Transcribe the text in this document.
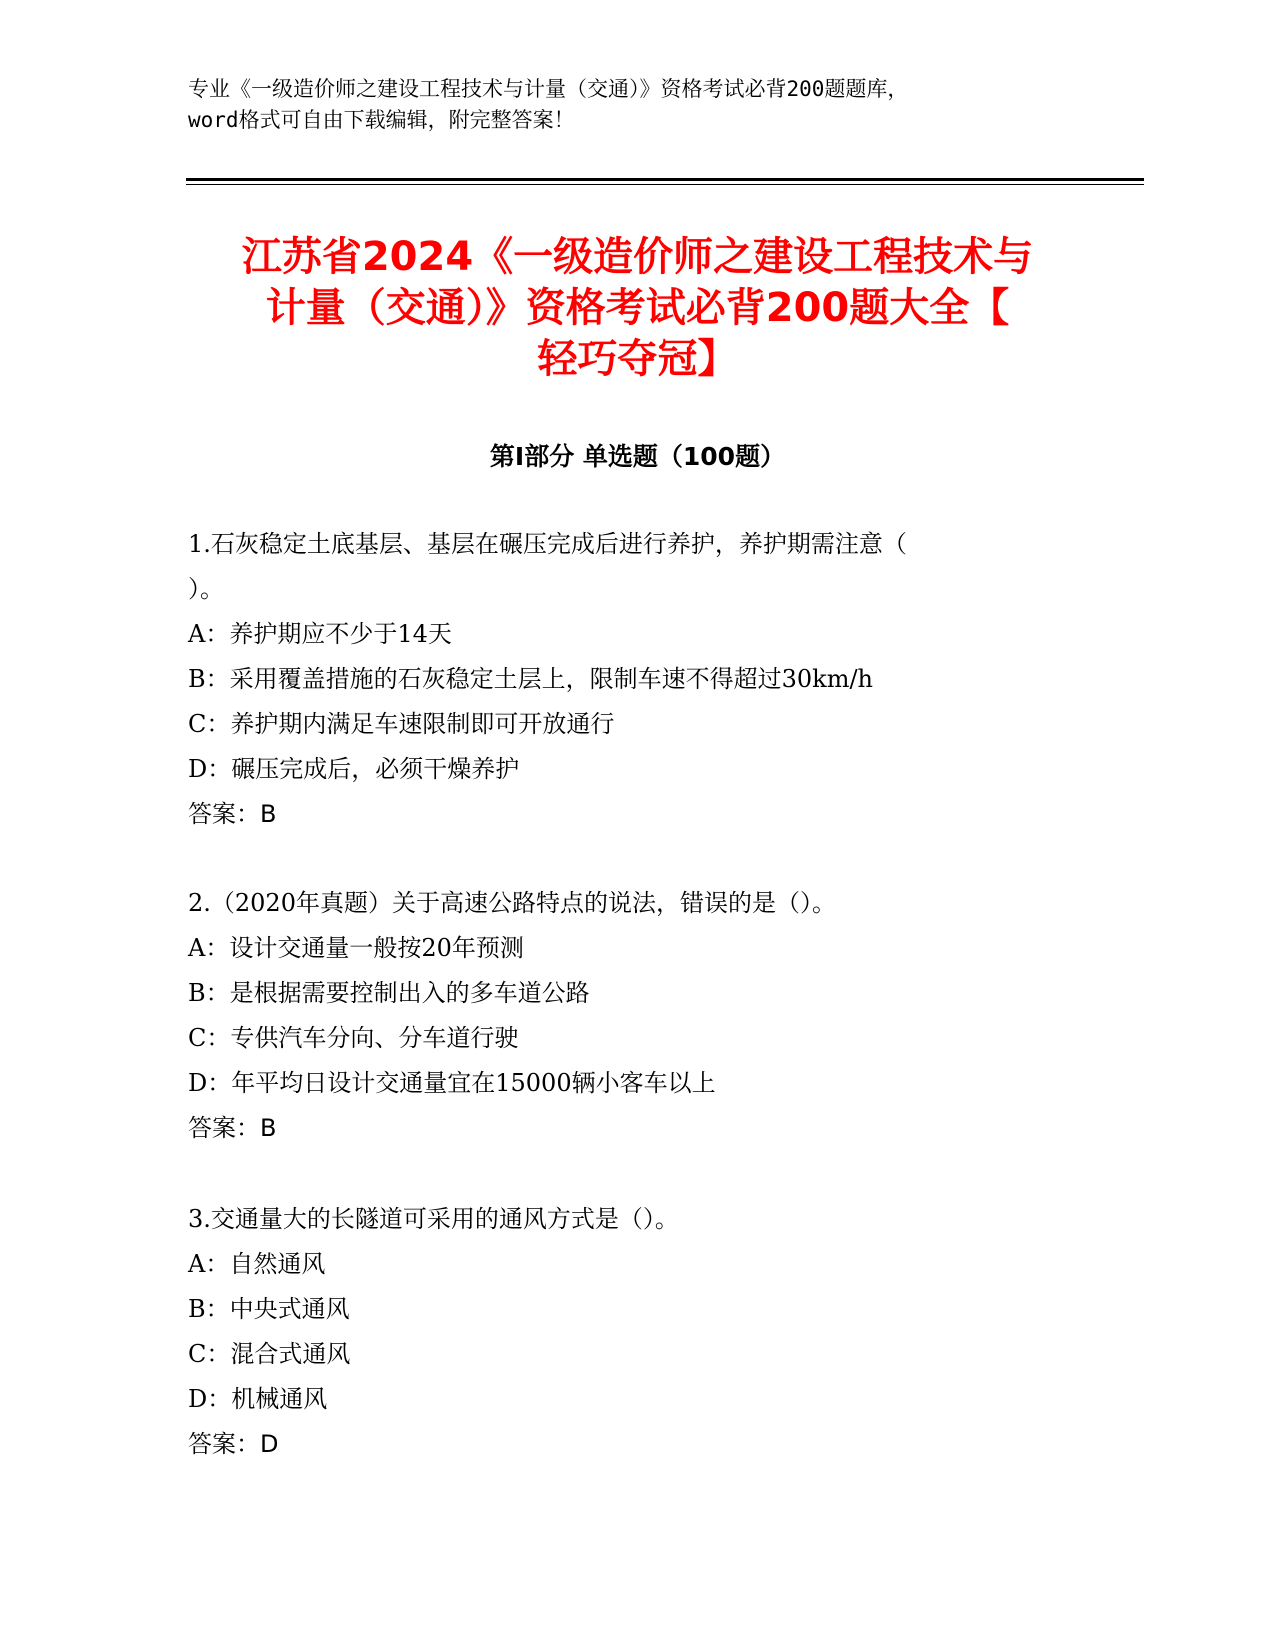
专业《一级造价师之建设工程技术与计量（交通）》资格考试必背200题题库，
word格式可自由下载编辑，附完整答案！
江苏省2024《一级造价师之建设工程技术与
计量（交通）》资格考试必背200题大全【
轻巧夺冠】
第Ⅰ部分 单选题（100题）
1.石灰稳定土底基层、基层在碾压完成后进行养护，养护期需注意（
）。
A：养护期应不少于14天
B：采用覆盖措施的石灰稳定土层上，限制车速不得超过30km/h
C：养护期内满足车速限制即可开放通行
D：碾压完成后，必须干燥养护
答案：B
2.（2020年真题）关于高速公路特点的说法，错误的是（）。
A：设计交通量一般按20年预测
B：是根据需要控制出入的多车道公路
C：专供汽车分向、分车道行驶
D：年平均日设计交通量宜在15000辆小客车以上
答案：B
3.交通量大的长隧道可采用的通风方式是（）。
A：自然通风
B：中央式通风
C：混合式通风
D：机械通风
答案：D
